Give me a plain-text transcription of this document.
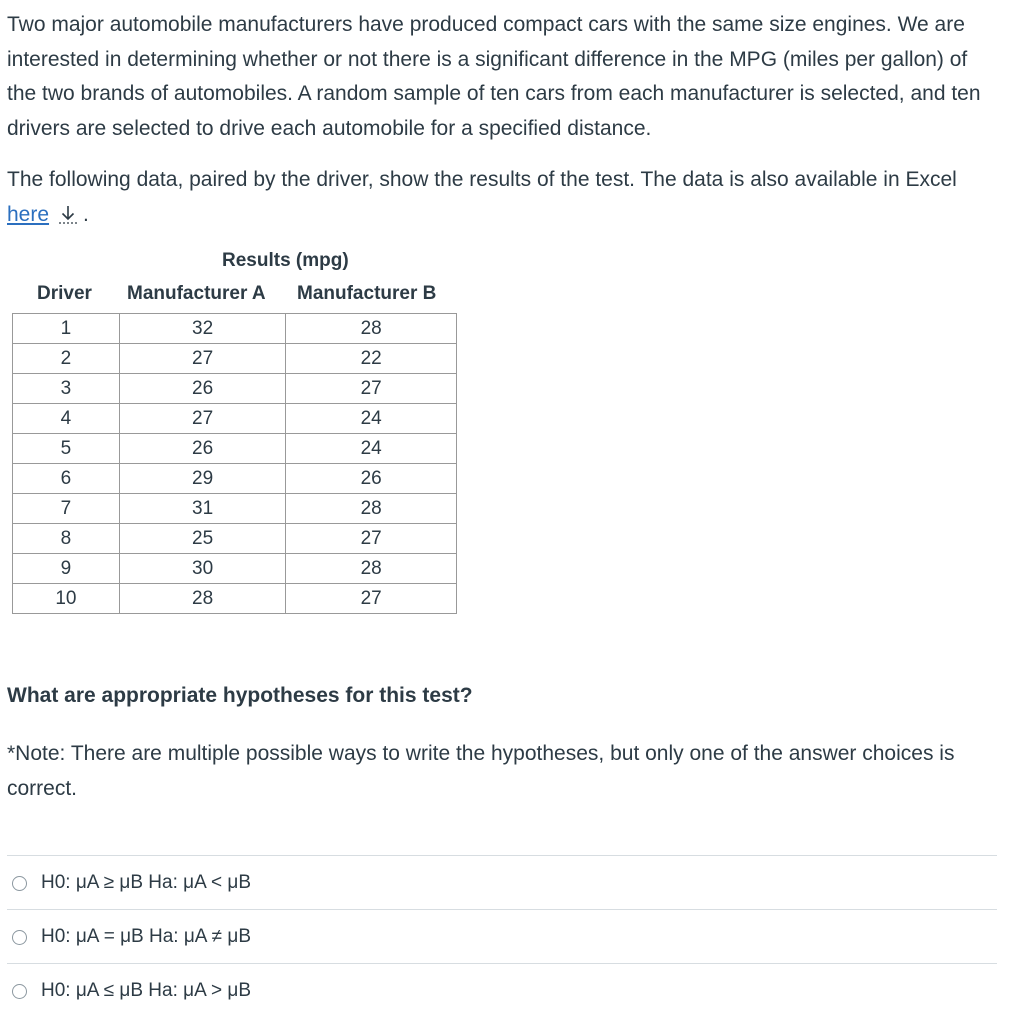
Two major automobile manufacturers have produced compact cars with the same size engines. We are interested in determining whether or not there is a significant difference in the MPG (miles per gallon) of the two brands of automobiles. A random sample of ten cars from each manufacturer is selected, and ten drivers are selected to drive each automobile for a specified distance.

The following data, paired by the driver, show the results of the test. The data is also available in Excel here .

Results (mpg)
Driver Manufacturer A Manufacturer B
1	32	28
2	27	22
3	26	27
4	27	24
5	26	24
6	29	26
7	31	28
8	25	27
9	30	28
10	28	27

What are appropriate hypotheses for this test?

*Note: There are multiple possible ways to write the hypotheses, but only one of the answer choices is correct.

H0: μA ≥ μB Ha: μA < μB
H0: μA = μB Ha: μA ≠ μB
H0: μA ≤ μB Ha: μA > μB
